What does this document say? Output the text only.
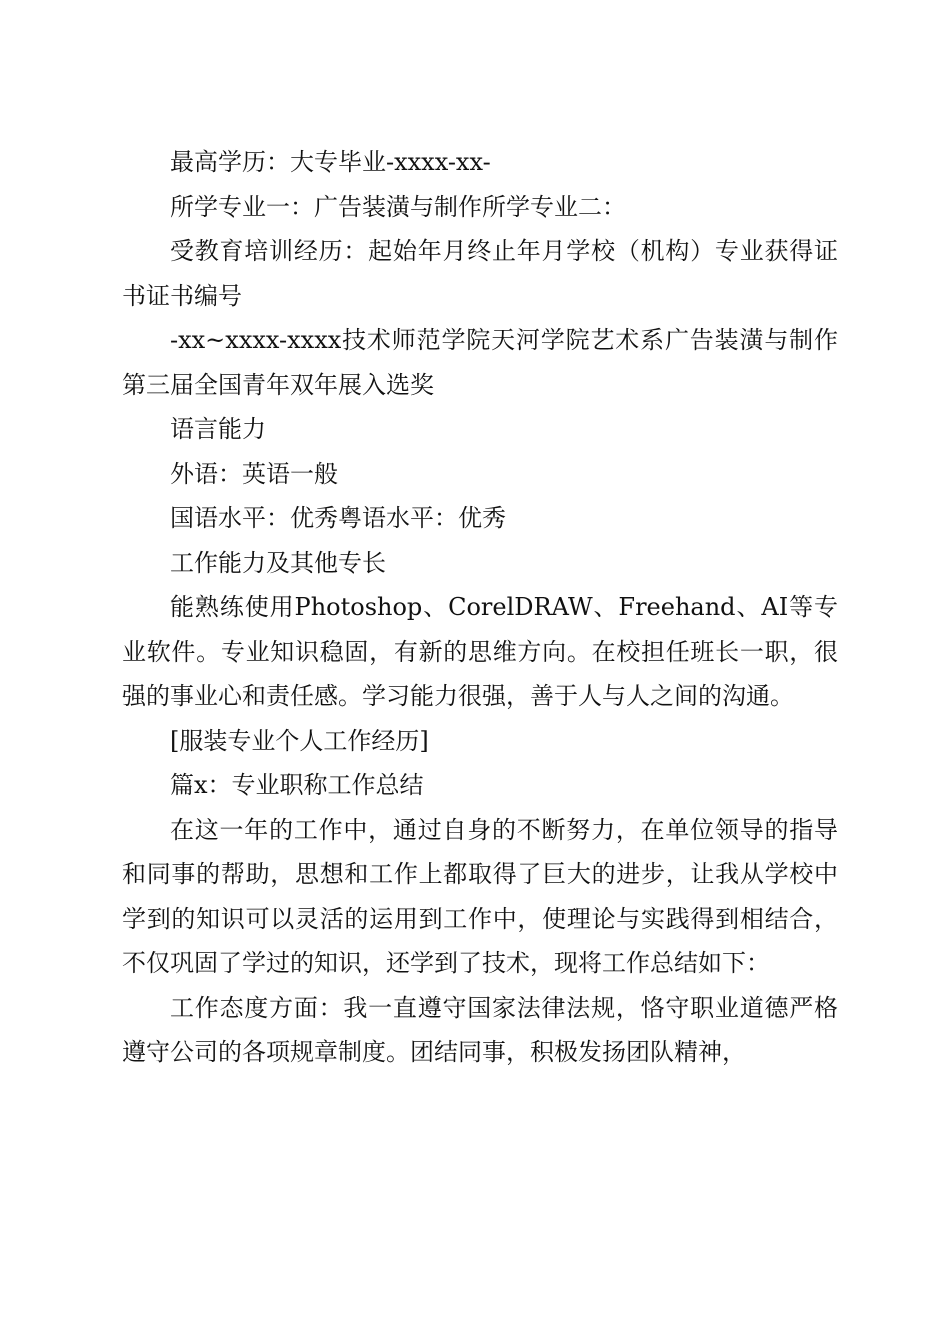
最高学历：大专毕业-xxxx-xx-

所学专业一：广告装潢与制作所学专业二：

受教育培训经历：起始年月终止年月学校（机构）专业获得证书证书编号

-xx~xxxx-xxxx技术师范学院天河学院艺术系广告装潢与制作第三届全国青年双年展入选奖

语言能力

外语：英语一般

国语水平：优秀粤语水平：优秀

工作能力及其他专长

能熟练使用Photoshop、CorelDRAW、Freehand、AI等专业软件。专业知识稳固，有新的思维方向。在校担任班长一职，很强的事业心和责任感。学习能力很强，善于人与人之间的沟通。

[服装专业个人工作经历]

篇x：专业职称工作总结

在这一年的工作中，通过自身的不断努力，在单位领导的指导和同事的帮助，思想和工作上都取得了巨大的进步，让我从学校中学到的知识可以灵活的运用到工作中，使理论与实践得到相结合，不仅巩固了学过的知识，还学到了技术，现将工作总结如下：

工作态度方面：我一直遵守国家法律法规，恪守职业道德严格遵守公司的各项规章制度。团结同事，积极发扬团队精神，
